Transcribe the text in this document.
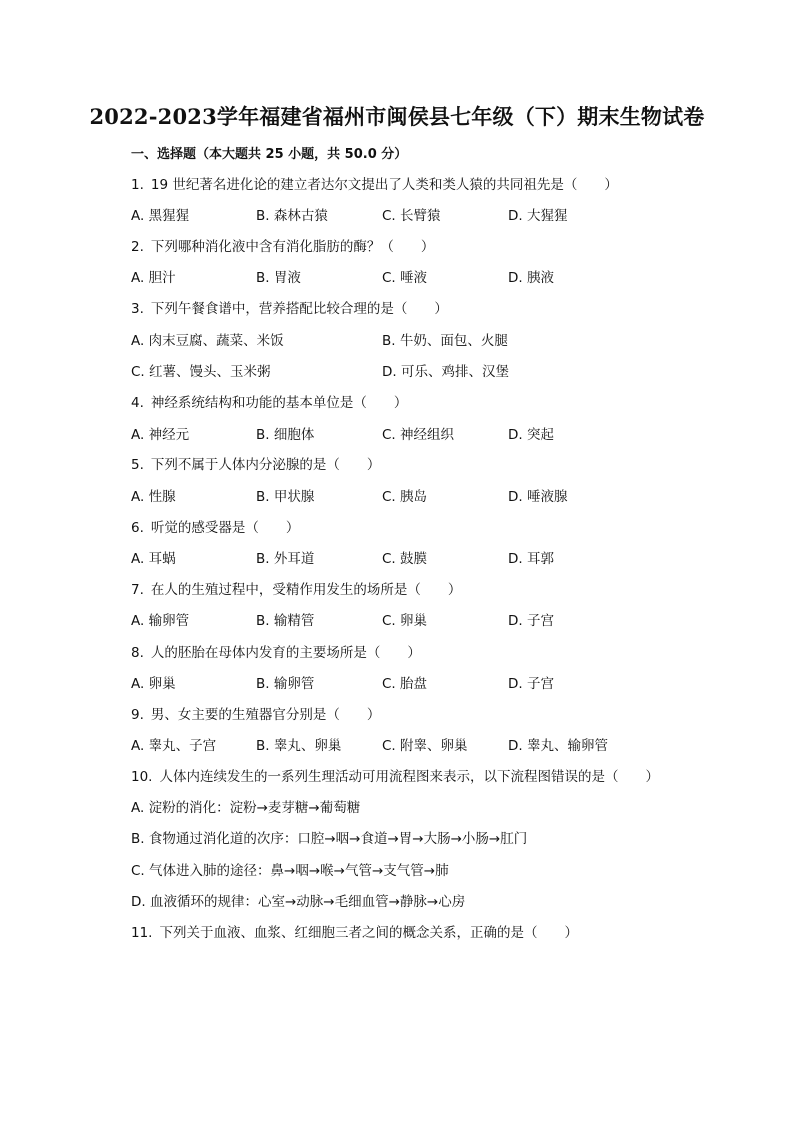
2022-2023学年福建省福州市闽侯县七年级（下）期末生物试卷
一、选择题（本大题共 25 小题，共 50.0 分）
1. 19 世纪著名进化论的建立者达尔文提出了人类和类人猿的共同祖先是（　　）
A. 黑猩猩	B. 森林古猿	C. 长臂猿	D. 大猩猩
2. 下列哪种消化液中含有消化脂肪的酶？（　　）
A. 胆汁	B. 胃液	C. 唾液	D. 胰液
3. 下列午餐食谱中，营养搭配比较合理的是（　　）
A. 肉末豆腐、蔬菜、米饭	B. 牛奶、面包、火腿
C. 红薯、馒头、玉米粥	D. 可乐、鸡排、汉堡
4. 神经系统结构和功能的基本单位是（　　）
A. 神经元	B. 细胞体	C. 神经组织	D. 突起
5. 下列不属于人体内分泌腺的是（　　）
A. 性腺	B. 甲状腺	C. 胰岛	D. 唾液腺
6. 听觉的感受器是（　　）
A. 耳蜗	B. 外耳道	C. 鼓膜	D. 耳郭
7. 在人的生殖过程中，受精作用发生的场所是（　　）
A. 输卵管	B. 输精管	C. 卵巢	D. 子宫
8. 人的胚胎在母体内发育的主要场所是（　　）
A. 卵巢	B. 输卵管	C. 胎盘	D. 子宫
9. 男、女主要的生殖器官分别是（　　）
A. 睾丸、子宫	B. 睾丸、卵巢	C. 附睾、卵巢	D. 睾丸、输卵管
10. 人体内连续发生的一系列生理活动可用流程图来表示，以下流程图错误的是（　　）
A. 淀粉的消化：淀粉→麦芽糖→葡萄糖
B. 食物通过消化道的次序：口腔→咽→食道→胃→大肠→小肠→肛门
C. 气体进入肺的途径：鼻→咽→喉→气管→支气管→肺
D. 血液循环的规律：心室→动脉→毛细血管→静脉→心房
11. 下列关于血液、血浆、红细胞三者之间的概念关系，正确的是（　　）
